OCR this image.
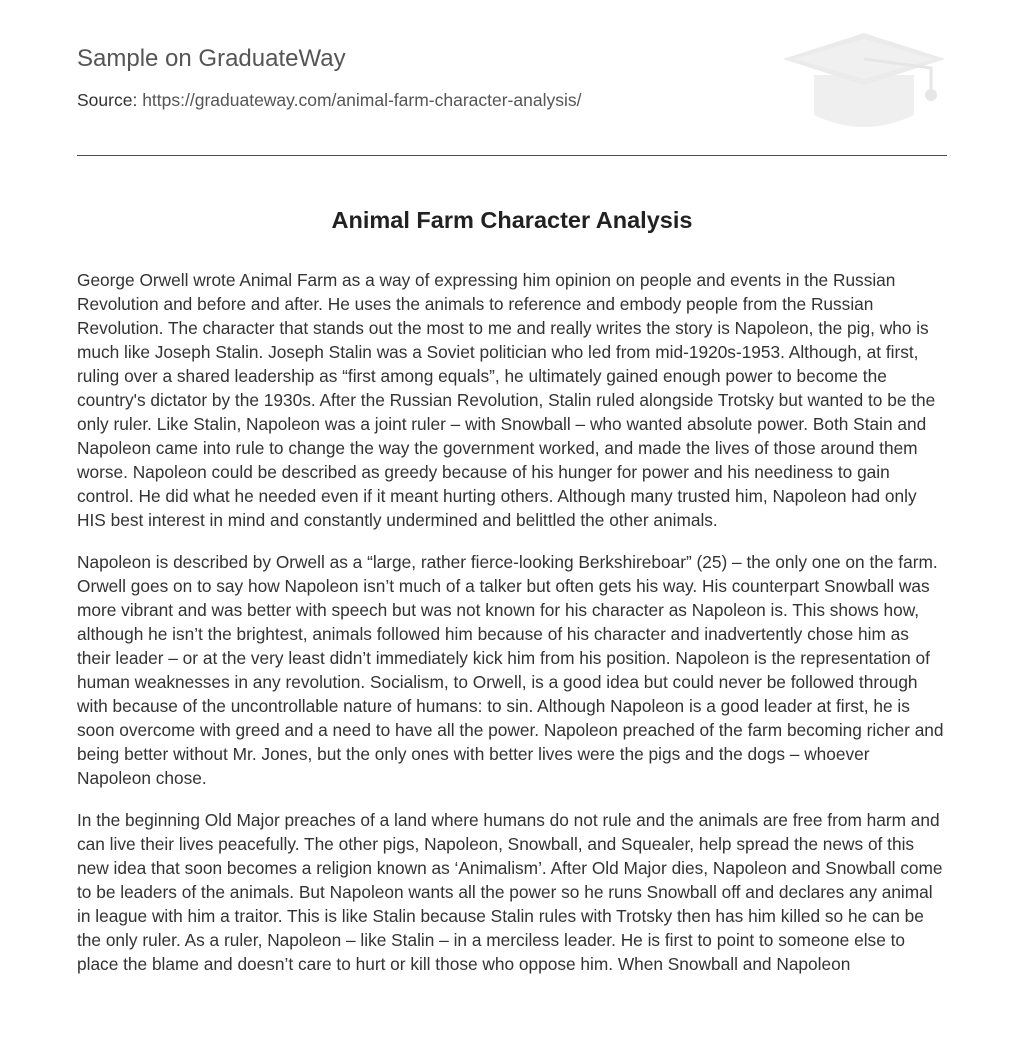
Sample on GraduateWay
Source: https://graduateway.com/animal-farm-character-analysis/
Animal Farm Character Analysis

George Orwell wrote Animal Farm as a way of expressing him opinion on people and events in the Russian Revolution and before and after. He uses the animals to reference and embody people from the Russian Revolution. The character that stands out the most to me and really writes the story is Napoleon, the pig, who is much like Joseph Stalin. Joseph Stalin was a Soviet politician who led from mid-1920s-1953. Although, at first, ruling over a shared leadership as “first among equals”, he ultimately gained enough power to become the country's dictator by the 1930s. After the Russian Revolution, Stalin ruled alongside Trotsky but wanted to be the only ruler. Like Stalin, Napoleon was a joint ruler – with Snowball – who wanted absolute power. Both Stain and Napoleon came into rule to change the way the government worked, and made the lives of those around them worse. Napoleon could be described as greedy because of his hunger for power and his neediness to gain control. He did what he needed even if it meant hurting others. Although many trusted him, Napoleon had only HIS best interest in mind and constantly undermined and belittled the other animals.

Napoleon is described by Orwell as a “large, rather fierce-looking Berkshireboar” (25) – the only one on the farm. Orwell goes on to say how Napoleon isn’t much of a talker but often gets his way. His counterpart Snowball was more vibrant and was better with speech but was not known for his character as Napoleon is. This shows how, although he isn’t the brightest, animals followed him because of his character and inadvertently chose him as their leader – or at the very least didn’t immediately kick him from his position. Napoleon is the representation of human weaknesses in any revolution. Socialism, to Orwell, is a good idea but could never be followed through with because of the uncontrollable nature of humans: to sin. Although Napoleon is a good leader at first, he is soon overcome with greed and a need to have all the power. Napoleon preached of the farm becoming richer and being better without Mr. Jones, but the only ones with better lives were the pigs and the dogs – whoever Napoleon chose.

In the beginning Old Major preaches of a land where humans do not rule and the animals are free from harm and can live their lives peacefully. The other pigs, Napoleon, Snowball, and Squealer, help spread the news of this new idea that soon becomes a religion known as ‘Animalism’. After Old Major dies, Napoleon and Snowball come to be leaders of the animals. But Napoleon wants all the power so he runs Snowball off and declares any animal in league with him a traitor. This is like Stalin because Stalin rules with Trotsky then has him killed so he can be the only ruler. As a ruler, Napoleon – like Stalin – in a merciless leader. He is first to point to someone else to place the blame and doesn’t care to hurt or kill those who oppose him. When Snowball and Napoleon
